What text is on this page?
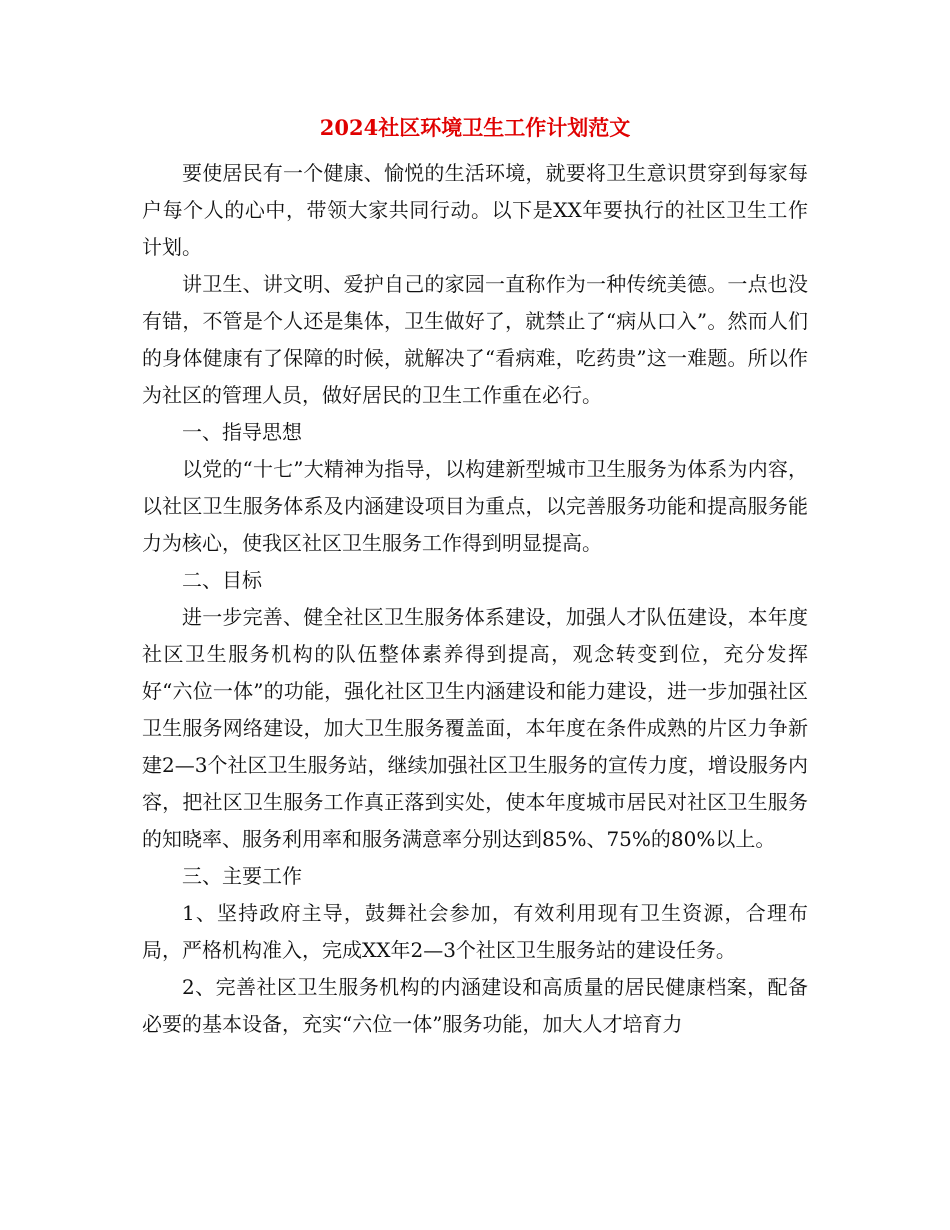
2024社区环境卫生工作计划范文

要使居民有一个健康、愉悦的生活环境，就要将卫生意识贯穿到每家每户每个人的心中，带领大家共同行动。以下是XX年要执行的社区卫生工作计划。

讲卫生、讲文明、爱护自己的家园一直称作为一种传统美德。一点也没有错，不管是个人还是集体，卫生做好了，就禁止了“病从口入”。然而人们的身体健康有了保障的时候，就解决了“看病难，吃药贵”这一难题。所以作为社区的管理人员，做好居民的卫生工作重在必行。

一、指导思想

以党的“十七”大精神为指导，以构建新型城市卫生服务为体系为内容，以社区卫生服务体系及内涵建设项目为重点，以完善服务功能和提高服务能力为核心，使我区社区卫生服务工作得到明显提高。

二、目标

进一步完善、健全社区卫生服务体系建设，加强人才队伍建设，本年度社区卫生服务机构的队伍整体素养得到提高，观念转变到位，充分发挥好“六位一体”的功能，强化社区卫生内涵建设和能力建设，进一步加强社区卫生服务网络建设，加大卫生服务覆盖面，本年度在条件成熟的片区力争新建2—3个社区卫生服务站，继续加强社区卫生服务的宣传力度，增设服务内容，把社区卫生服务工作真正落到实处，使本年度城市居民对社区卫生服务的知晓率、服务利用率和服务满意率分别达到85%、75%的80%以上。

三、主要工作

1、坚持政府主导，鼓舞社会参加，有效利用现有卫生资源，合理布局，严格机构准入，完成XX年2—3个社区卫生服务站的建设任务。

2、完善社区卫生服务机构的内涵建设和高质量的居民健康档案，配备必要的基本设备，充实“六位一体”服务功能，加大人才培育力
